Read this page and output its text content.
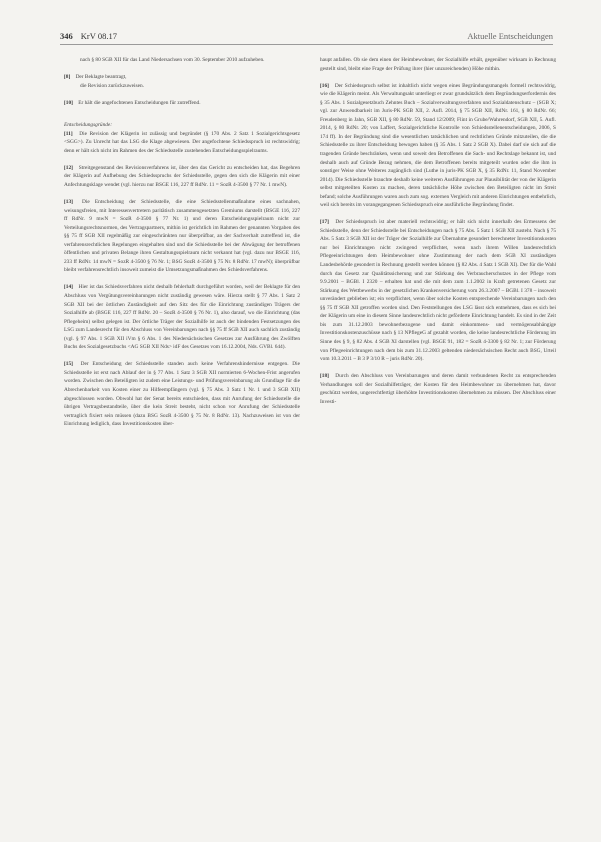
346 KrV 08.17	Aktuelle Entscheidungen

nach § 80 SGB XII für das Land Niedersachsen vom 30. September 2010 aufzuheben.

[8] Der Beklagte beantragt,

die Revision zurückzuweisen.

[10] Er hält die angefochtenen Entscheidungen für zutreffend.

Entscheidungsgründe:

[11] Die Revision der Klägerin ist zulässig und begründet (§ 170 Abs. 2 Satz 1 Sozialgerichtsgesetz <SGG>). Zu Unrecht hat das LSG die Klage abgewiesen. Der angefochtene Schiedsspruch ist rechtswidrig; denn er hält sich nicht im Rahmen des der Schiedsstelle zustehenden Entscheidungsspielraums.

[12] Streitgegenstand des Revisionsverfahrens ist, über den das Gericht zu entscheiden hat, das Begehren der Klägerin auf Aufhebung des Schiedsspruchs der Schiedsstelle, gegen den sich die Klägerin mit einer Anfechtungsklage wendet (vgl. hierzu nur BSGE 116, 227 ff RdNr. 11 = SozR 4-3500 § 77 Nr. 1 mwN).

[13] Die Entscheidung der Schiedsstelle, die eine Schiedsstellenmaßnahme eines sachnahen, weisungsfreien, mit Interessenvertretern paritätisch zusammengesetzten Gremiums darstellt (BSGE 116, 227 ff RdNr. 9 mwN = SozR 4-3500 § 77 Nr. 1) und deren Entscheidungsspielraum nicht zur Verteilungsrechtsnormen, des Vertragspartners, mithin ist gerichtlich im Rahmen der genannten Vorgaben des §§ 75 ff SGB XII regelmäßig zur eingeschränkten nur überprüfbar, an der Sachverhalt zutreffend ist, die verfahrensrechtlichen Regelungen eingehalten sind und die Schiedsstelle bei der Abwägung der betroffenen öffentlichen und privaten Belange ihren Gestaltungsspielraum nicht verkannt hat (vgl. dazu nur BSGE 116, 233 ff RdNr. 14 mwN = SozR 4-3500 § 76 Nr. 1; BSG SozR 4-3500 § 75 Nr. 8 RdNr. 17 mwN); überprüfbar bleibt verfahrensrechtlich insoweit zumeist die Umsetzungsmaßnahmen des Schiedsverfahrens.

[14] Hier ist das Schiedsverfahren nicht deshalb fehlerhaft durchgeführt worden, weil der Beklagte für den Abschluss von Vergütungsvereinbarungen nicht zuständig gewesen wäre. Hierzu stellt § 77 Abs. 1 Satz 2 SGB XII bei der örtlichen Zuständigkeit auf den Sitz des für die Einrichtung zuständigen Trägers der Sozialhilfe ab (BSGE 116, 227 ff RdNr. 20 – SozR 4-3500 § 76 Nr. 1), also darauf, wo die Einrichtung (das Pflegeheim) selbst gelegen ist. Der örtliche Träger der Sozialhilfe ist auch der bindenden Festsetzungen des LSG zum Landesrecht für den Abschluss von Vereinbarungen nach §§ 75 ff SGB XII auch sachlich zuständig (vgl. § 97 Abs. 1 SGB XII iVm § 6 Abs. 1 des Niedersächsischen Gesetzes zur Ausführung des Zwölften Buchs des Sozialgesetzbuchs <AG SGB XII Nds> idF des Gesetzes vom 16.12.2004, Nds. GVBl. 644).

[15] Der Entscheidung der Schiedsstelle standen auch keine Verfahrenshindernisse entgegen. Die Schiedsstelle ist erst nach Ablauf der in § 77 Abs. 1 Satz 3 SGB XII normierten 6-Wochen-Frist angerufen worden. Zwischen den Beteiligten ist zudem eine Leistungs- und Prüfungsvereinbarung als Grundlage für die Abrechenbarkeit von Kosten einer zu Hilfeempfängern (vgl. § 75 Abs. 3 Satz 1 Nr. 1 und 3 SGB XII) abgeschlossen worden. Obwohl hat der Senat bereits entschieden, dass mit Anrufung der Schiedsstelle die übrigen Vertragsbestandteile, über die kein Streit besteht, nicht schon vor Anrufung der Schiedsstelle vertraglich fixiert sein müssen (dazu BSG SozR 4-3500 § 75 Nr. 8 RdNr. 13). Nachzuweisen ist von der Einrichtung lediglich, dass Investitionskosten über-

haupt anfallen. Ob sie dem einen der Heimbewohner, der Sozialhilfe erhält, gegenüber wirksam in Rechnung gestellt sind, bleibt eine Frage der Prüfung ihrer (hier unzureichenden) Höhe mithin.

[16] Der Schiedsspruch selbst ist inhaltlich nicht wegen eines Begründungsmangels formell rechtswidrig, wie die Klägerin meint. Als Verwaltungsakt unterliegt er zwar grundsätzlich dem Begründungserfordernis des § 35 Abs. 1 Sozialgesetzbuch Zehntes Buch – Sozialverwaltungsverfahren und Sozialdatenschutz – (SGB X; vgl. zur Anwendbarkeit im Juris-PK SGB XII, 2. Aufl. 2014, § 75 SGB XII, RdNr. 161, § 80 RdNr. 66; Freudenberg in Jahn, SGB XII, § 80 RdNr. 59, Stand 12/2009; Flint in Grube/Wahrendorf, SGB XII, 5. Aufl. 2014, § 80 RdNr. 20; von Laffert, Sozialgerichtliche Kontrolle von Schiedsstellenentscheidungen, 2006, S 174 ff). In der Begründung sind die wesentlichen tatsächlichen und rechtlichen Gründe mitzuteilen, die die Schiedsstelle zu ihrer Entscheidung bewogen haben (§ 35 Abs. 1 Satz 2 SGB X). Dabei darf sie sich auf die tragenden Gründe beschränken, wenn und soweit den Betroffenen die Sach- und Rechtslage bekannt ist, und deshalb auch auf Gründe Bezug nehmen, die dem Betroffenen bereits mitgeteilt wurden oder die ihm in sonstiger Weise ohne Weiteres zugänglich sind (Luthe in juris-PK SGB X, § 35 RdNr. 11, Stand November 2014). Die Schiedsstelle brauchte deshalb keine weiteren Ausführungen zur Plausibilität der von der Klägerin selbst mitgeteilten Kosten zu machen, deren tatsächliche Höhe zwischen den Beteiligten nicht im Streit befand; solche Ausführungen waren auch zum sog. externen Vergleich mit anderen Einrichtungen entbehrlich, weil sich bereits im vorangegangenen Schiedsspruch eine ausführliche Begründung findet.

[17] Der Schiedsspruch ist aber materiell rechtswidrig; er hält sich nicht innerhalb des Ermessens der Schiedsstelle, denn der Schiedsstelle bei Entscheidungen nach § 75 Abs. 5 Satz 1 SGB XII zusteht. Nach § 75 Abs. 5 Satz 3 SGB XII ist der Träger der Sozialhilfe zur Übernahme gesondert berechneter Investitionskosten nur bei Einrichtungen nicht zwingend verpflichtet, wenn nach ihrem Willen landesrechtlich Pflegeeinrichtungen dem Heimbewohner ohne Zustimmung der nach dem SGB XI zuständigen Landesbehörde gesondert in Rechnung gestellt werden können (§ 82 Abs. 4 Satz 1 SGB XI). Der für die Wahl durch das Gesetz zur Qualitätssicherung und zur Stärkung des Verbraucherschutzes in der Pflege vom 9.9.2001 – BGBl. I 2320 – erhalten hat und die mit dem zum 1.1.2002 in Kraft getretenen Gesetz zur Stärkung des Wettbewerbs in der gesetzlichen Krankenversicherung vom 26.3.2007 – BGBl. I 378 – insoweit unverändert geblieben ist; ein verpflichtet, wenn über solche Kosten entsprechende Vereinbarungen nach den §§ 75 ff SGB XII getroffen worden sind. Den Feststellungen des LSG lässt sich entnehmen, dass es sich bei der Klägerin um eine in diesem Sinne landesrechtlich nicht geförderte Einrichtung handelt. Es sind in der Zeit bis zum 31.12.2003 bewohnerbezogene und damit einkommens- und vermögensabhängige Investitionskostenzuschüsse nach § 13 NPflegeG af gezahlt worden, die keine landesrechtliche Förderung im Sinne des § 9, § 82 Abs. 4 SGB XI darstellen (vgl. BSGE 91, 182 = SozR 4-3300 § 82 Nr. 1; zur Förderung von Pflegeeinrichtungen nach dem bis zum 31.12.2003 geltenden niedersächsischen Recht auch BSG, Urteil vom 10.3.2011 – B 3 P 3/10 R – juris RdNr. 20).

[18] Durch den Abschluss von Vereinbarungen und deren damit verbundenen Recht zu entsprechenden Verhandlungen soll der Sozialhilfeträger, der Kosten für den Heimbewohner zu übernehmen hat, davor geschützt werden, ungerechtfertigt überhöhte Investitionskosten übernehmen zu müssen. Der Abschluss einer Investi-
